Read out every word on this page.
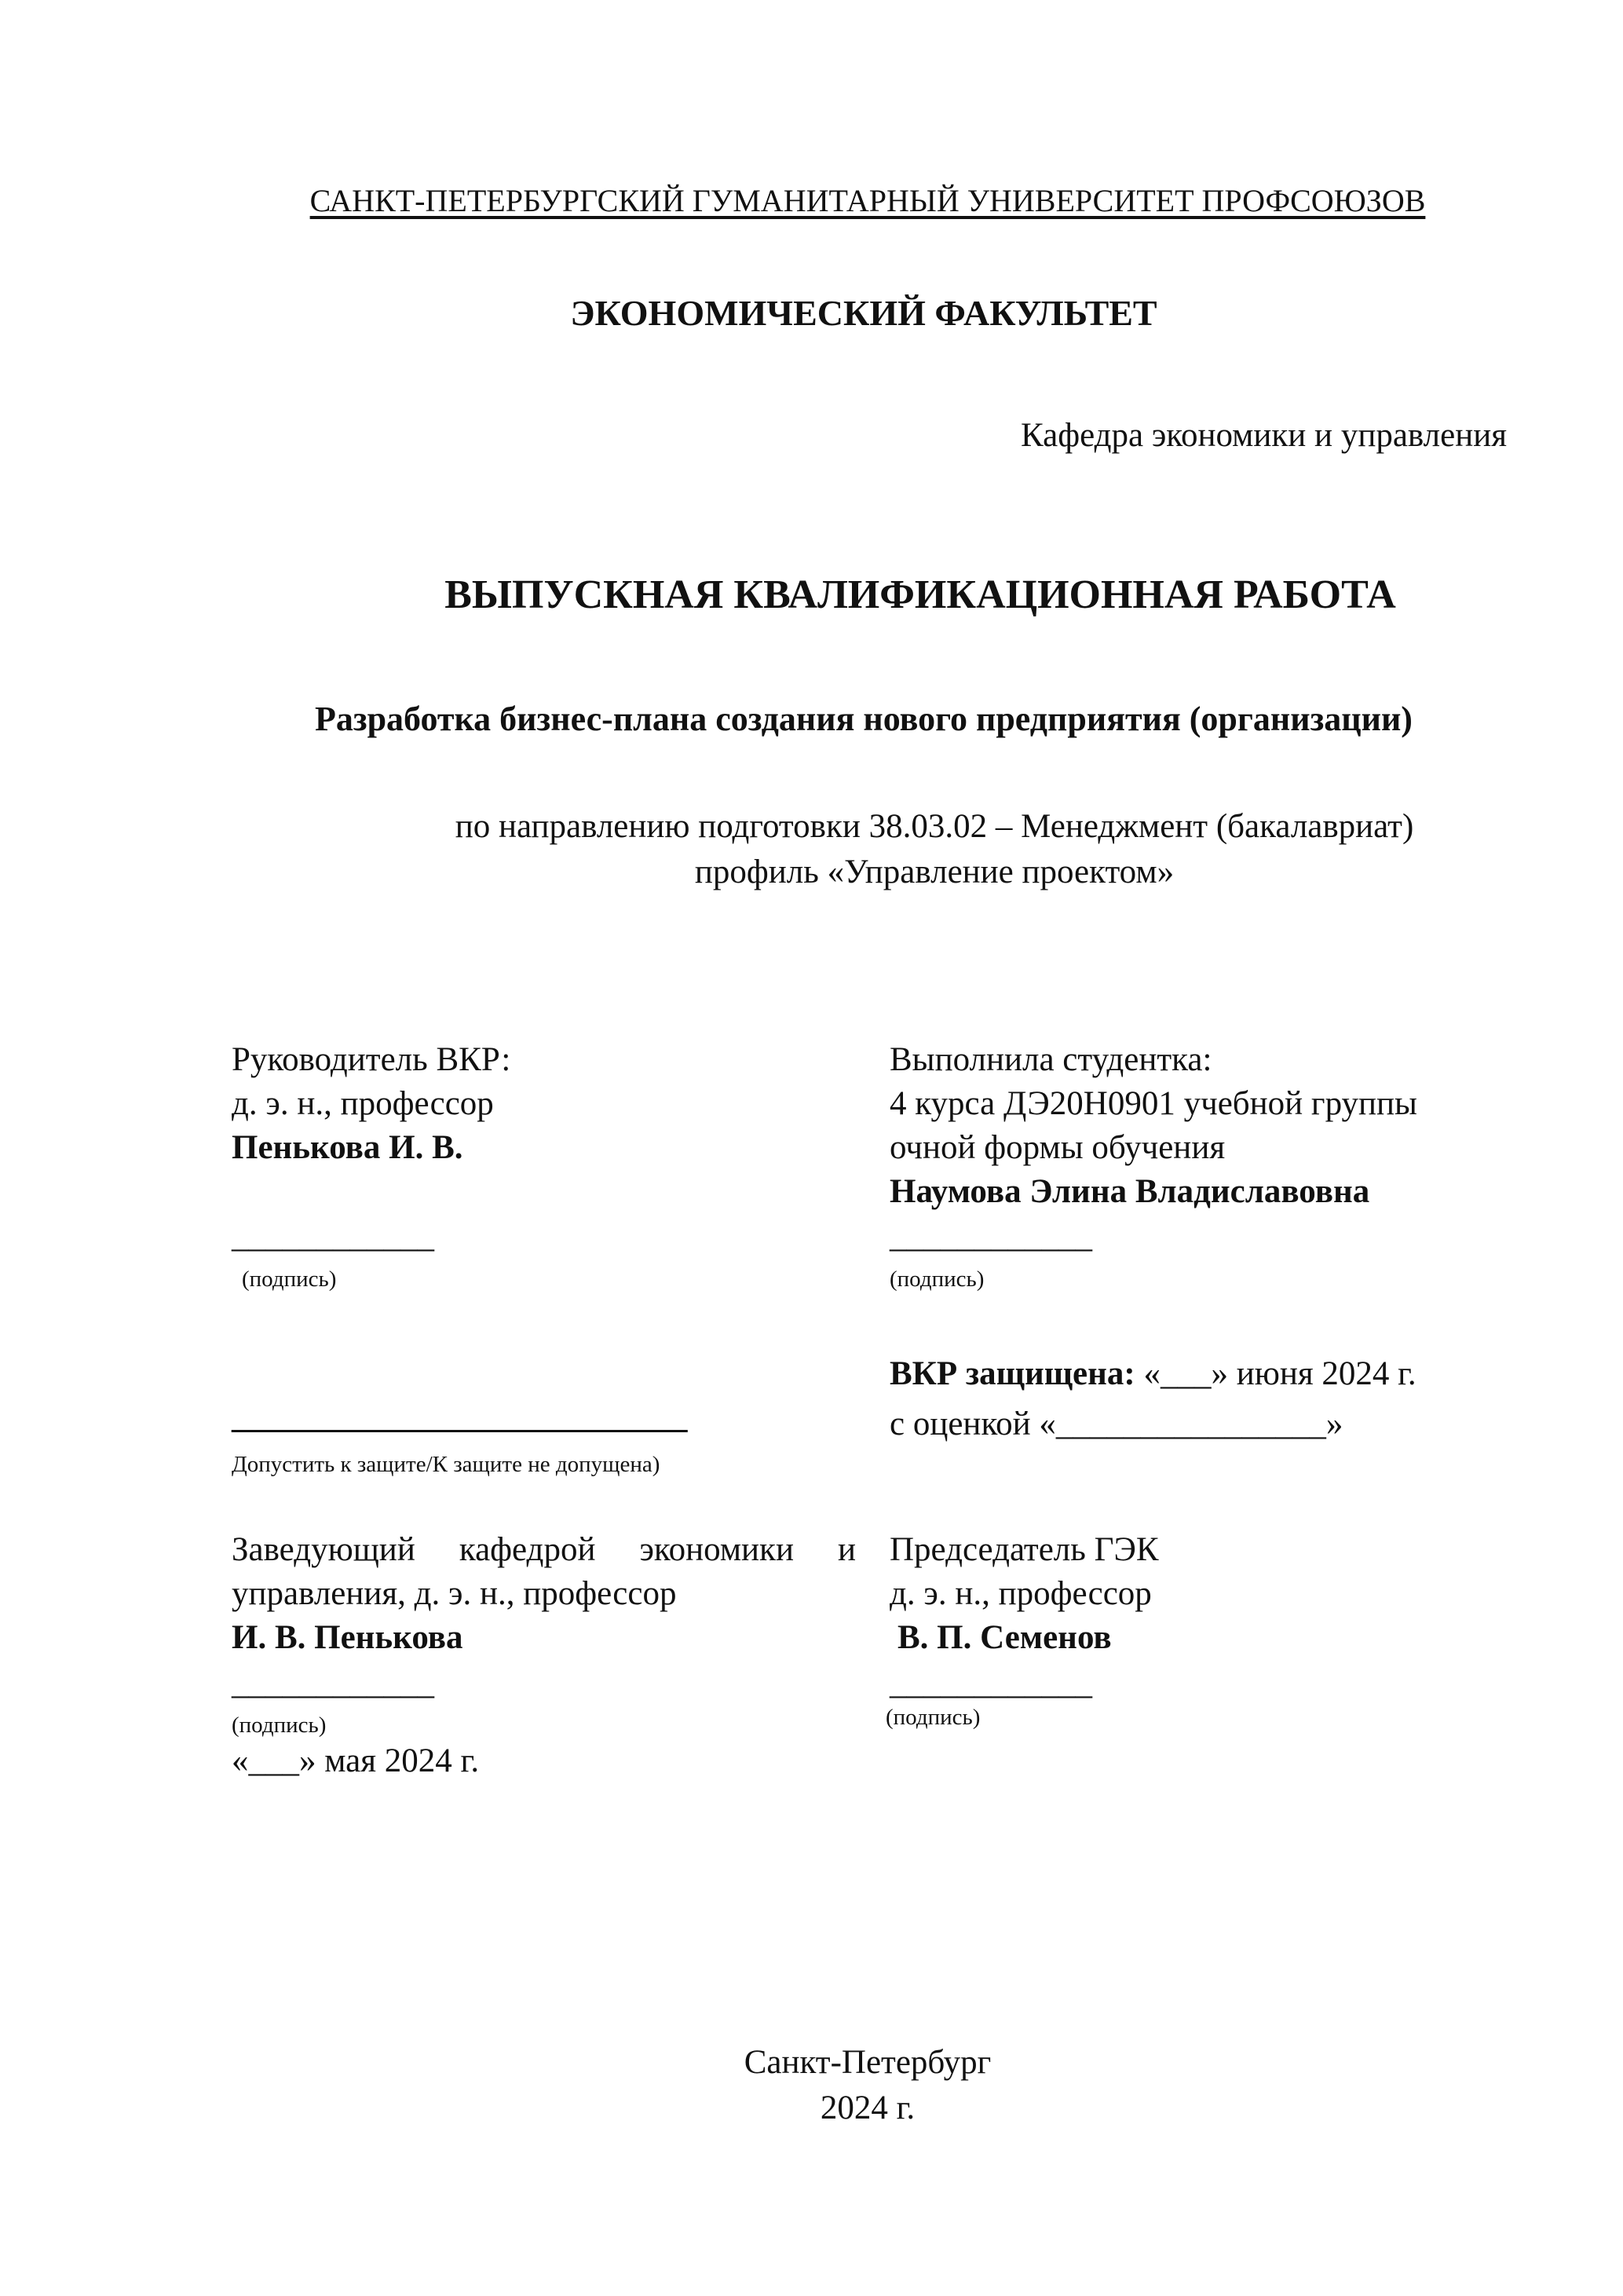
САНКТ-ПЕТЕРБУРГСКИЙ ГУМАНИТАРНЫЙ УНИВЕРСИТЕТ ПРОФСОЮЗОВ
ЭКОНОМИЧЕСКИЙ ФАКУЛЬТЕТ
Кафедра экономики и управления
ВЫПУСКНАЯ КВАЛИФИКАЦИОННАЯ РАБОТА
Разработка бизнес-плана создания нового предприятия (организации)
по направлению подготовки 38.03.02 – Менеджмент (бакалавриат)
профиль «Управление проектом»
Руководитель ВКР:
д. э. н., профессор
Пенькова И. В.
____________
(подпись)
Выполнила студентка:
4 курса ДЭ20Н0901 учебной группы
очной формы обучения
Наумова Элина Владиславовна
____________
(подпись)
ВКР защищена: «___» июня 2024 г.
с оценкой «________________»
___________________________
Допустить к защите/К защите не допущена)
Заведующий кафедрой экономики и
управления, д. э. н., профессор
И. В. Пенькова
____________
(подпись)
«___» мая 2024 г.
Председатель ГЭК
д. э. н., профессор
В. П. Семенов
____________
(подпись)
Санкт-Петербург
2024 г.
